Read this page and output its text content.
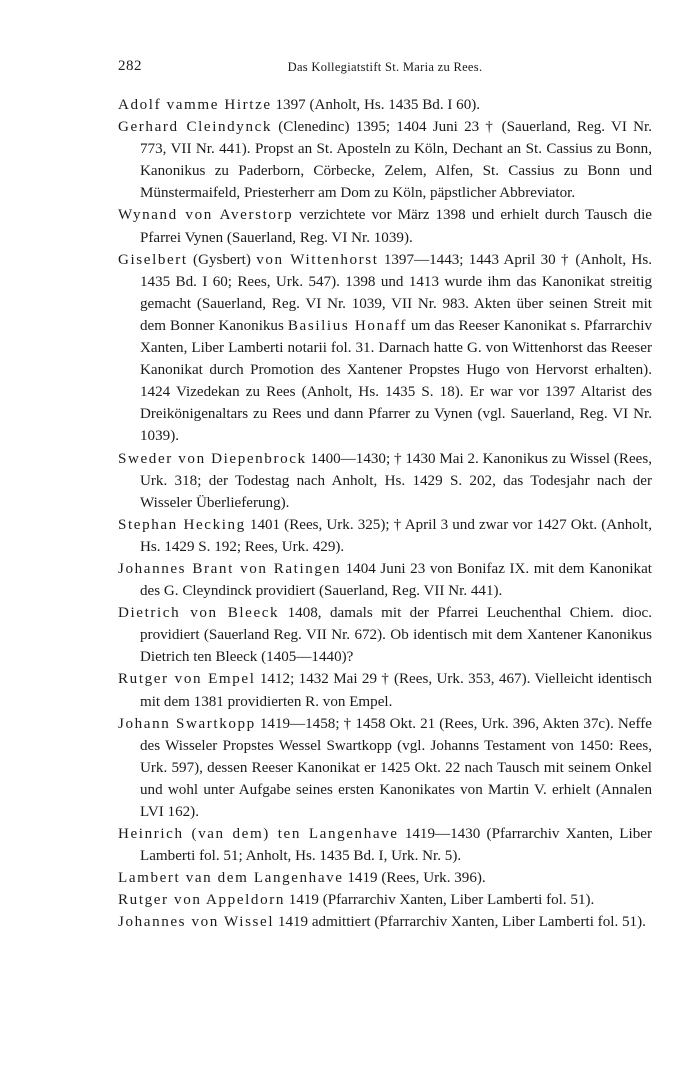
282	Das Kollegiatstift St. Maria zu Rees.

Adolf vamme Hirtze 1397 (Anholt, Hs. 1435 Bd. I 60).

Gerhard Cleindynck (Clenedinc) 1395; 1404 Juni 23 † (Sauerland, Reg. VI Nr. 773, VII Nr. 441). Propst an St. Aposteln zu Köln, Dechant an St. Cassius zu Bonn, Kanonikus zu Paderborn, Cörbecke, Zelem, Alfen, St. Cassius zu Bonn und Münstermaifeld, Priesterherr am Dom zu Köln, päpstlicher Abbreviator.

Wynand von Averstorp verzichtete vor März 1398 und erhielt durch Tausch die Pfarrei Vynen (Sauerland, Reg. VI Nr. 1039).

Giselbert (Gysbert) von Wittenhorst 1397—1443; 1443 April 30 † (Anholt, Hs. 1435 Bd. I 60; Rees, Urk. 547). 1398 und 1413 wurde ihm das Kanonikat streitig gemacht (Sauerland, Reg. VI Nr. 1039, VII Nr. 983. Akten über seinen Streit mit dem Bonner Kanonikus Basilius Honaff um das Reeser Kanonikat s. Pfarrarchiv Xanten, Liber Lamberti notarii fol. 31. Darnach hatte G. von Wittenhorst das Reeser Kanonikat durch Promotion des Xantener Propstes Hugo von Hervorst erhalten). 1424 Vizedekan zu Rees (Anholt, Hs. 1435 S. 18). Er war vor 1397 Altarist des Dreikönigenaltars zu Rees und dann Pfarrer zu Vynen (vgl. Sauerland, Reg. VI Nr. 1039).

Sweder von Diepenbrock 1400—1430; † 1430 Mai 2. Kanonikus zu Wissel (Rees, Urk. 318; der Todestag nach Anholt, Hs. 1429 S. 202, das Todesjahr nach der Wisseler Überlieferung).

Stephan Hecking 1401 (Rees, Urk. 325); † April 3 und zwar vor 1427 Okt. (Anholt, Hs. 1429 S. 192; Rees, Urk. 429).

Johannes Brant von Ratingen 1404 Juni 23 von Bonifaz IX. mit dem Kanonikat des G. Cleyndinck providiert (Sauerland, Reg. VII Nr. 441).

Dietrich von Bleeck 1408, damals mit der Pfarrei Leuchenthal Chiem. dioc. providiert (Sauerland Reg. VII Nr. 672). Ob identisch mit dem Xantener Kanonikus Dietrich ten Bleeck (1405—1440)?

Rutger von Empel 1412; 1432 Mai 29 † (Rees, Urk. 353, 467). Vielleicht identisch mit dem 1381 providierten R. von Empel.

Johann Swartkopp 1419—1458; † 1458 Okt. 21 (Rees, Urk. 396, Akten 37c). Neffe des Wisseler Propstes Wessel Swartkopp (vgl. Johanns Testament von 1450: Rees, Urk. 597), dessen Reeser Kanonikat er 1425 Okt. 22 nach Tausch mit seinem Onkel und wohl unter Aufgabe seines ersten Kanonikates von Martin V. erhielt (Annalen LVI 162).

Heinrich (van dem) ten Langenhave 1419—1430 (Pfarrarchiv Xanten, Liber Lamberti fol. 51; Anholt, Hs. 1435 Bd. I, Urk. Nr. 5).

Lambert van dem Langenhave 1419 (Rees, Urk. 396).

Rutger von Appeldorn 1419 (Pfarrarchiv Xanten, Liber Lamberti fol. 51).

Johannes von Wissel 1419 admittiert (Pfarrarchiv Xanten, Liber Lamberti fol. 51).
